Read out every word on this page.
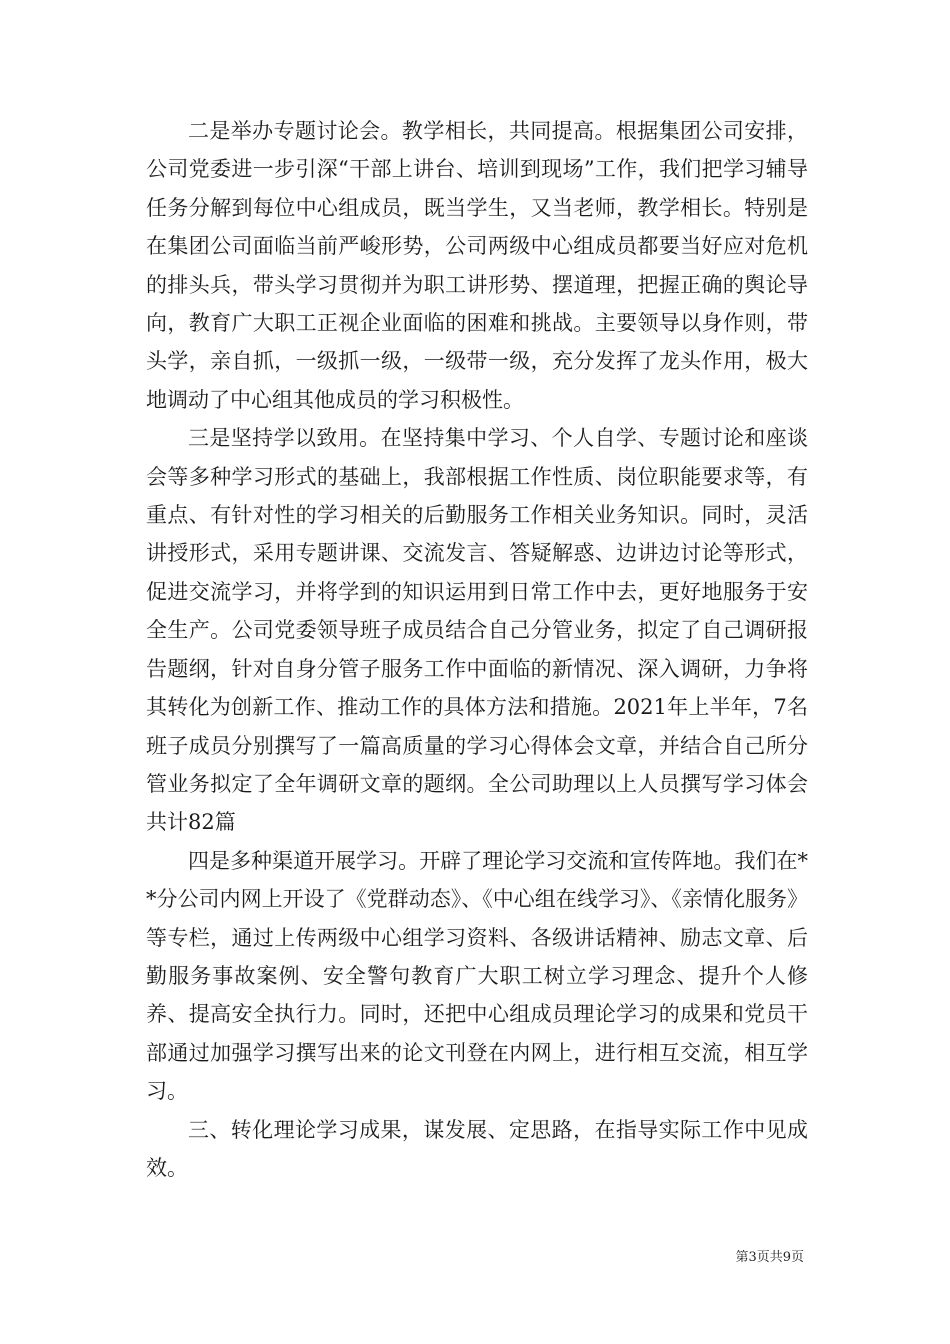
二是举办专题讨论会。教学相长，共同提高。根据集团公司安排，公司党委进一步引深“干部上讲台、培训到现场”工作，我们把学习辅导任务分解到每位中心组成员，既当学生，又当老师，教学相长。特别是在集团公司面临当前严峻形势，公司两级中心组成员都要当好应对危机的排头兵，带头学习贯彻并为职工讲形势、摆道理，把握正确的舆论导向，教育广大职工正视企业面临的困难和挑战。主要领导以身作则，带头学，亲自抓，一级抓一级，一级带一级，充分发挥了龙头作用，极大地调动了中心组其他成员的学习积极性。

三是坚持学以致用。在坚持集中学习、个人自学、专题讨论和座谈会等多种学习形式的基础上，我部根据工作性质、岗位职能要求等，有重点、有针对性的学习相关的后勤服务工作相关业务知识。同时，灵活讲授形式，采用专题讲课、交流发言、答疑解惑、边讲边讨论等形式，促进交流学习，并将学到的知识运用到日常工作中去，更好地服务于安全生产。公司党委领导班子成员结合自己分管业务，拟定了自己调研报告题纲，针对自身分管子服务工作中面临的新情况、深入调研，力争将其转化为创新工作、推动工作的具体方法和措施。2021年上半年，7名班子成员分别撰写了一篇高质量的学习心得体会文章，并结合自己所分管业务拟定了全年调研文章的题纲。全公司助理以上人员撰写学习体会共计82篇

四是多种渠道开展学习。开辟了理论学习交流和宣传阵地。我们在**分公司内网上开设了《党群动态》、《中心组在线学习》、《亲情化服务》等专栏，通过上传两级中心组学习资料、各级讲话精神、励志文章、后勤服务事故案例、安全警句教育广大职工树立学习理念、提升个人修养、提高安全执行力。同时，还把中心组成员理论学习的成果和党员干部通过加强学习撰写出来的论文刊登在内网上，进行相互交流，相互学习。

三、转化理论学习成果，谋发展、定思路，在指导实际工作中见成效。

第3页共9页
